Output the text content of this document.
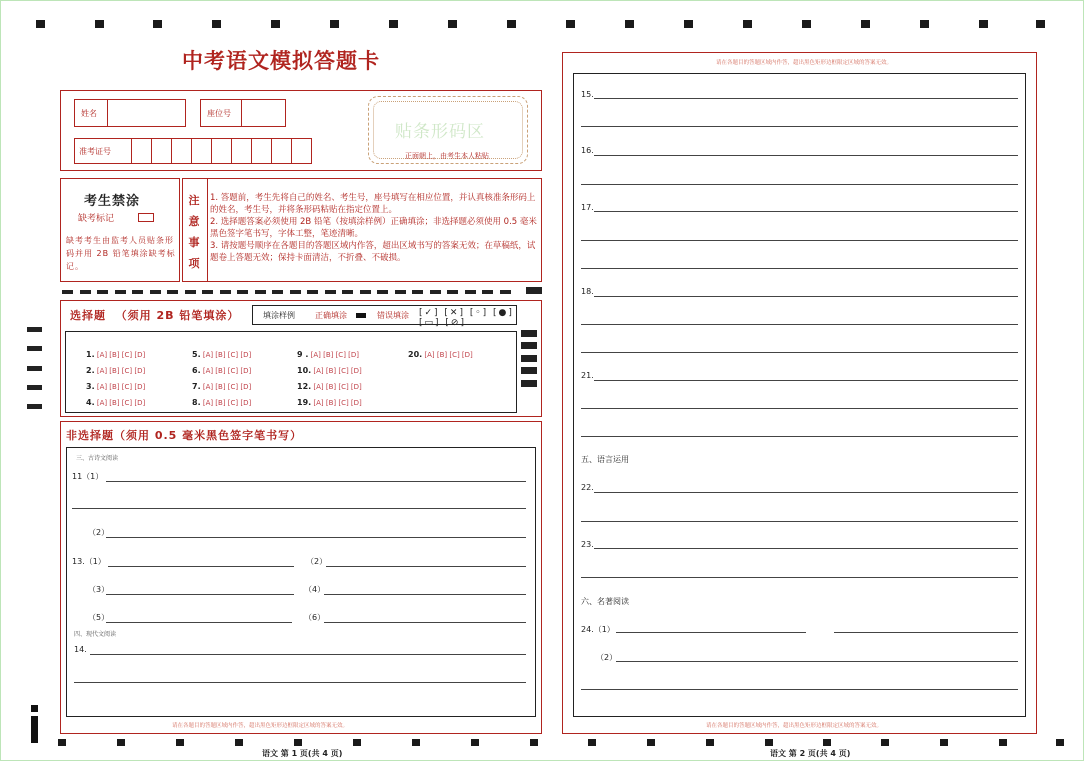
中考语文模拟答题卡
姓名	座位号
准考证号
贴条形码区
正面朝上，由考生本人粘贴
考生禁涂
缺考标记
缺考考生由监考人员贴条形码并用 2B 铅笔填涂缺考标记。
注
意
事
项
1. 答题前，考生先将自己的姓名、考生号，座号填写在相应位置，并认真核准条形码上的姓名，考生号，并将条形码粘贴在指定位置上。
2. 选择题答案必须使用 2B 铅笔（按填涂样例）正确填涂；非选择题必须使用 0.5 毫米黑色签字笔书写，字体工整，笔迹清晰。
3. 请按题号顺序在各题目的答题区域内作答，超出区域书写的答案无效；在草稿纸，试题卷上答题无效；保持卡面清洁，不折叠、不破损。
选择题  （须用 2B 铅笔填涂）	填涂样例	正确填涂	错误填涂 [✓] [✕] [◦] [●] [▭] [⊘]
1. [A] [B] [C] [D]
2. [A] [B] [C] [D]
3. [A] [B] [C] [D]
4. [A] [B] [C] [D]
5. [A] [B] [C] [D]
6. [A] [B] [C] [D]
7. [A] [B] [C] [D]
8. [A] [B] [C] [D]
9 . [A] [B] [C] [D]
10. [A] [B] [C] [D]
12. [A] [B] [C] [D]
19. [A] [B] [C] [D]
20. [A] [B] [C] [D]
非选择题（须用 0.5 毫米黑色签字笔书写）
三、古诗文阅读
11（1）
（2）
13.（1）	（2）
（3）	（4）
（5）	（6）
四、现代文阅读
14.
请在各题目的答题区域内作答，超出黑色矩形边框限定区域的答案无效。
语文 第 1 页(共 4 页)
请在各题目的答题区域内作答，超出黑色矩形边框限定区域的答案无效。
15.
16.
17.
18.
21.
五、语言运用
22.
23.
六、名著阅读
24.（1）
（2）
请在各题目的答题区域内作答，超出黑色矩形边框限定区域的答案无效。
语文 第 2 页(共 4 页)
